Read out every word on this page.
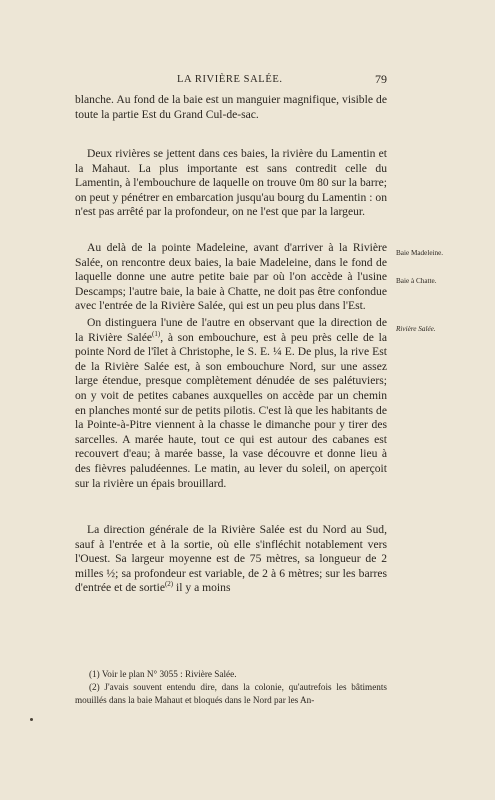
LA RIVIÈRE SALÉE.	79

blanche. Au fond de la baie est un manguier magnifique, visible de toute la partie Est du Grand Cul-de-sac.

Deux rivières se jettent dans ces baies, la rivière du Lamentin et la Mahaut. La plus importante est sans contredit celle du Lamentin, à l'embouchure de laquelle on trouve 0m 80 sur la barre; on peut y pénétrer en embarcation jusqu'au bourg du Lamentin : on n'est pas arrêté par la profondeur, on ne l'est que par la largeur.

Au delà de la pointe Madeleine, avant d'arriver à la Rivière Salée, on rencontre deux baies, la baie Madeleine, dans le fond de laquelle donne une autre petite baie par où l'on accède à l'usine Descamps; l'autre baie, la baie à Chatte, ne doit pas être confondue avec l'entrée de la Rivière Salée, qui est un peu plus dans l'Est.

On distinguera l'une de l'autre en observant que la direction de la Rivière Salée$^{(1)}$, à son embouchure, est à peu près celle de la pointe Nord de l'îlet à Christophe, le S. E. ¼ E. De plus, la rive Est de la Rivière Salée est, à son embouchure Nord, sur une assez large étendue, presque complètement dénudée de ses palétuviers; on y voit de petites cabanes auxquelles on accède par un chemin en planches monté sur de petits pilotis. C'est là que les habitants de la Pointe-à-Pitre viennent à la chasse le dimanche pour y tirer des sarcelles. A marée haute, tout ce qui est autour des cabanes est recouvert d'eau; à marée basse, la vase découvre et donne lieu à des fièvres paludéennes. Le matin, au lever du soleil, on aperçoit sur la rivière un épais brouillard.

La direction générale de la Rivière Salée est du Nord au Sud, sauf à l'entrée et à la sortie, où elle s'infléchit notablement vers l'Ouest. Sa largeur moyenne est de 75 mètres, sa longueur de 2 milles ½; sa profondeur est variable, de 2 à 6 mètres; sur les barres d'entrée et de sortie$^{(2)}$ il y a moins

Baie Madeleine.
Baie à Chatte.
Rivière Salée.

(1) Voir le plan N° 3055 : Rivière Salée.

(2) J'avais souvent entendu dire, dans la colonie, qu'autrefois les bâtiments mouillés dans la baie Mahaut et bloqués dans le Nord par les An-
